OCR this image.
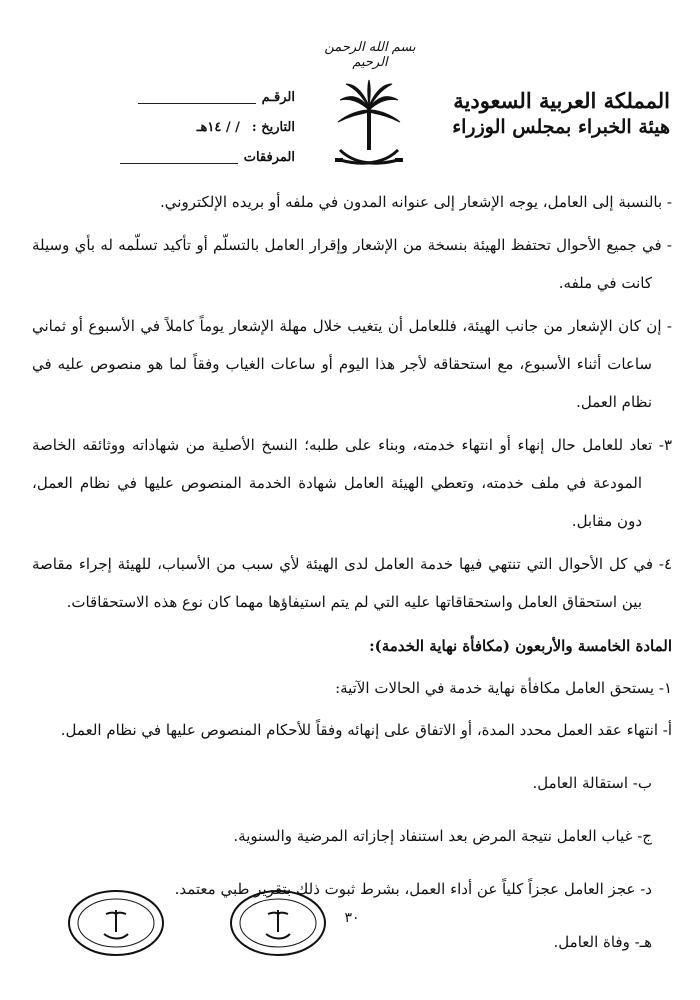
بسم الله الرحمن الرحيم
المملكة العربية السعودية
هيئة الخبراء بمجلس الوزراء
الرقـم
التاريخ :
/ / ١٤هـ
المرفقات

- بالنسبة إلى العامل، يوجه الإشعار إلى عنوانه المدون في ملفه أو بريده الإلكتروني.

- في جميع الأحوال تحتفظ الهيئة بنسخة من الإشعار وإقرار العامل بالتسلّم أو تأكيد تسلّمه له بأي وسيلة كانت في ملفه.

- إن كان الإشعار من جانب الهيئة، فللعامل أن يتغيب خلال مهلة الإشعار يوماً كاملاً في الأسبوع أو ثماني ساعات أثناء الأسبوع، مع استحقاقه لأجر هذا اليوم أو ساعات الغياب وفقاً لما هو منصوص عليه في نظام العمل.

٣- تعاد للعامل حال إنهاء أو انتهاء خدمته، وبناء على طلبه؛ النسخ الأصلية من شهاداته ووثائقه الخاصة المودعة في ملف خدمته، وتعطي الهيئة العامل شهادة الخدمة المنصوص عليها في نظام العمل، دون مقابل.

٤- في كل الأحوال التي تنتهي فيها خدمة العامل لدى الهيئة لأي سبب من الأسباب، للهيئة إجراء مقاصة بين استحقاق العامل واستحقاقاتها عليه التي لم يتم استيفاؤها مهما كان نوع هذه الاستحقاقات.

المادة الخامسة والأربعون (مكافأة نهاية الخدمة):

١- يستحق العامل مكافأة نهاية خدمة في الحالات الآتية:

أ- انتهاء عقد العمل محدد المدة، أو الاتفاق على إنهائه وفقاً للأحكام المنصوص عليها في نظام العمل.

ب- استقالة العامل.

ج- غياب العامل نتيجة المرض بعد استنفاد إجازاته المرضية والسنوية.

د- عجز العامل عجزاً كلياً عن أداء العمل، بشرط ثبوت ذلك بتقرير طبي معتمد.

هـ- وفاة العامل.

٣٠
